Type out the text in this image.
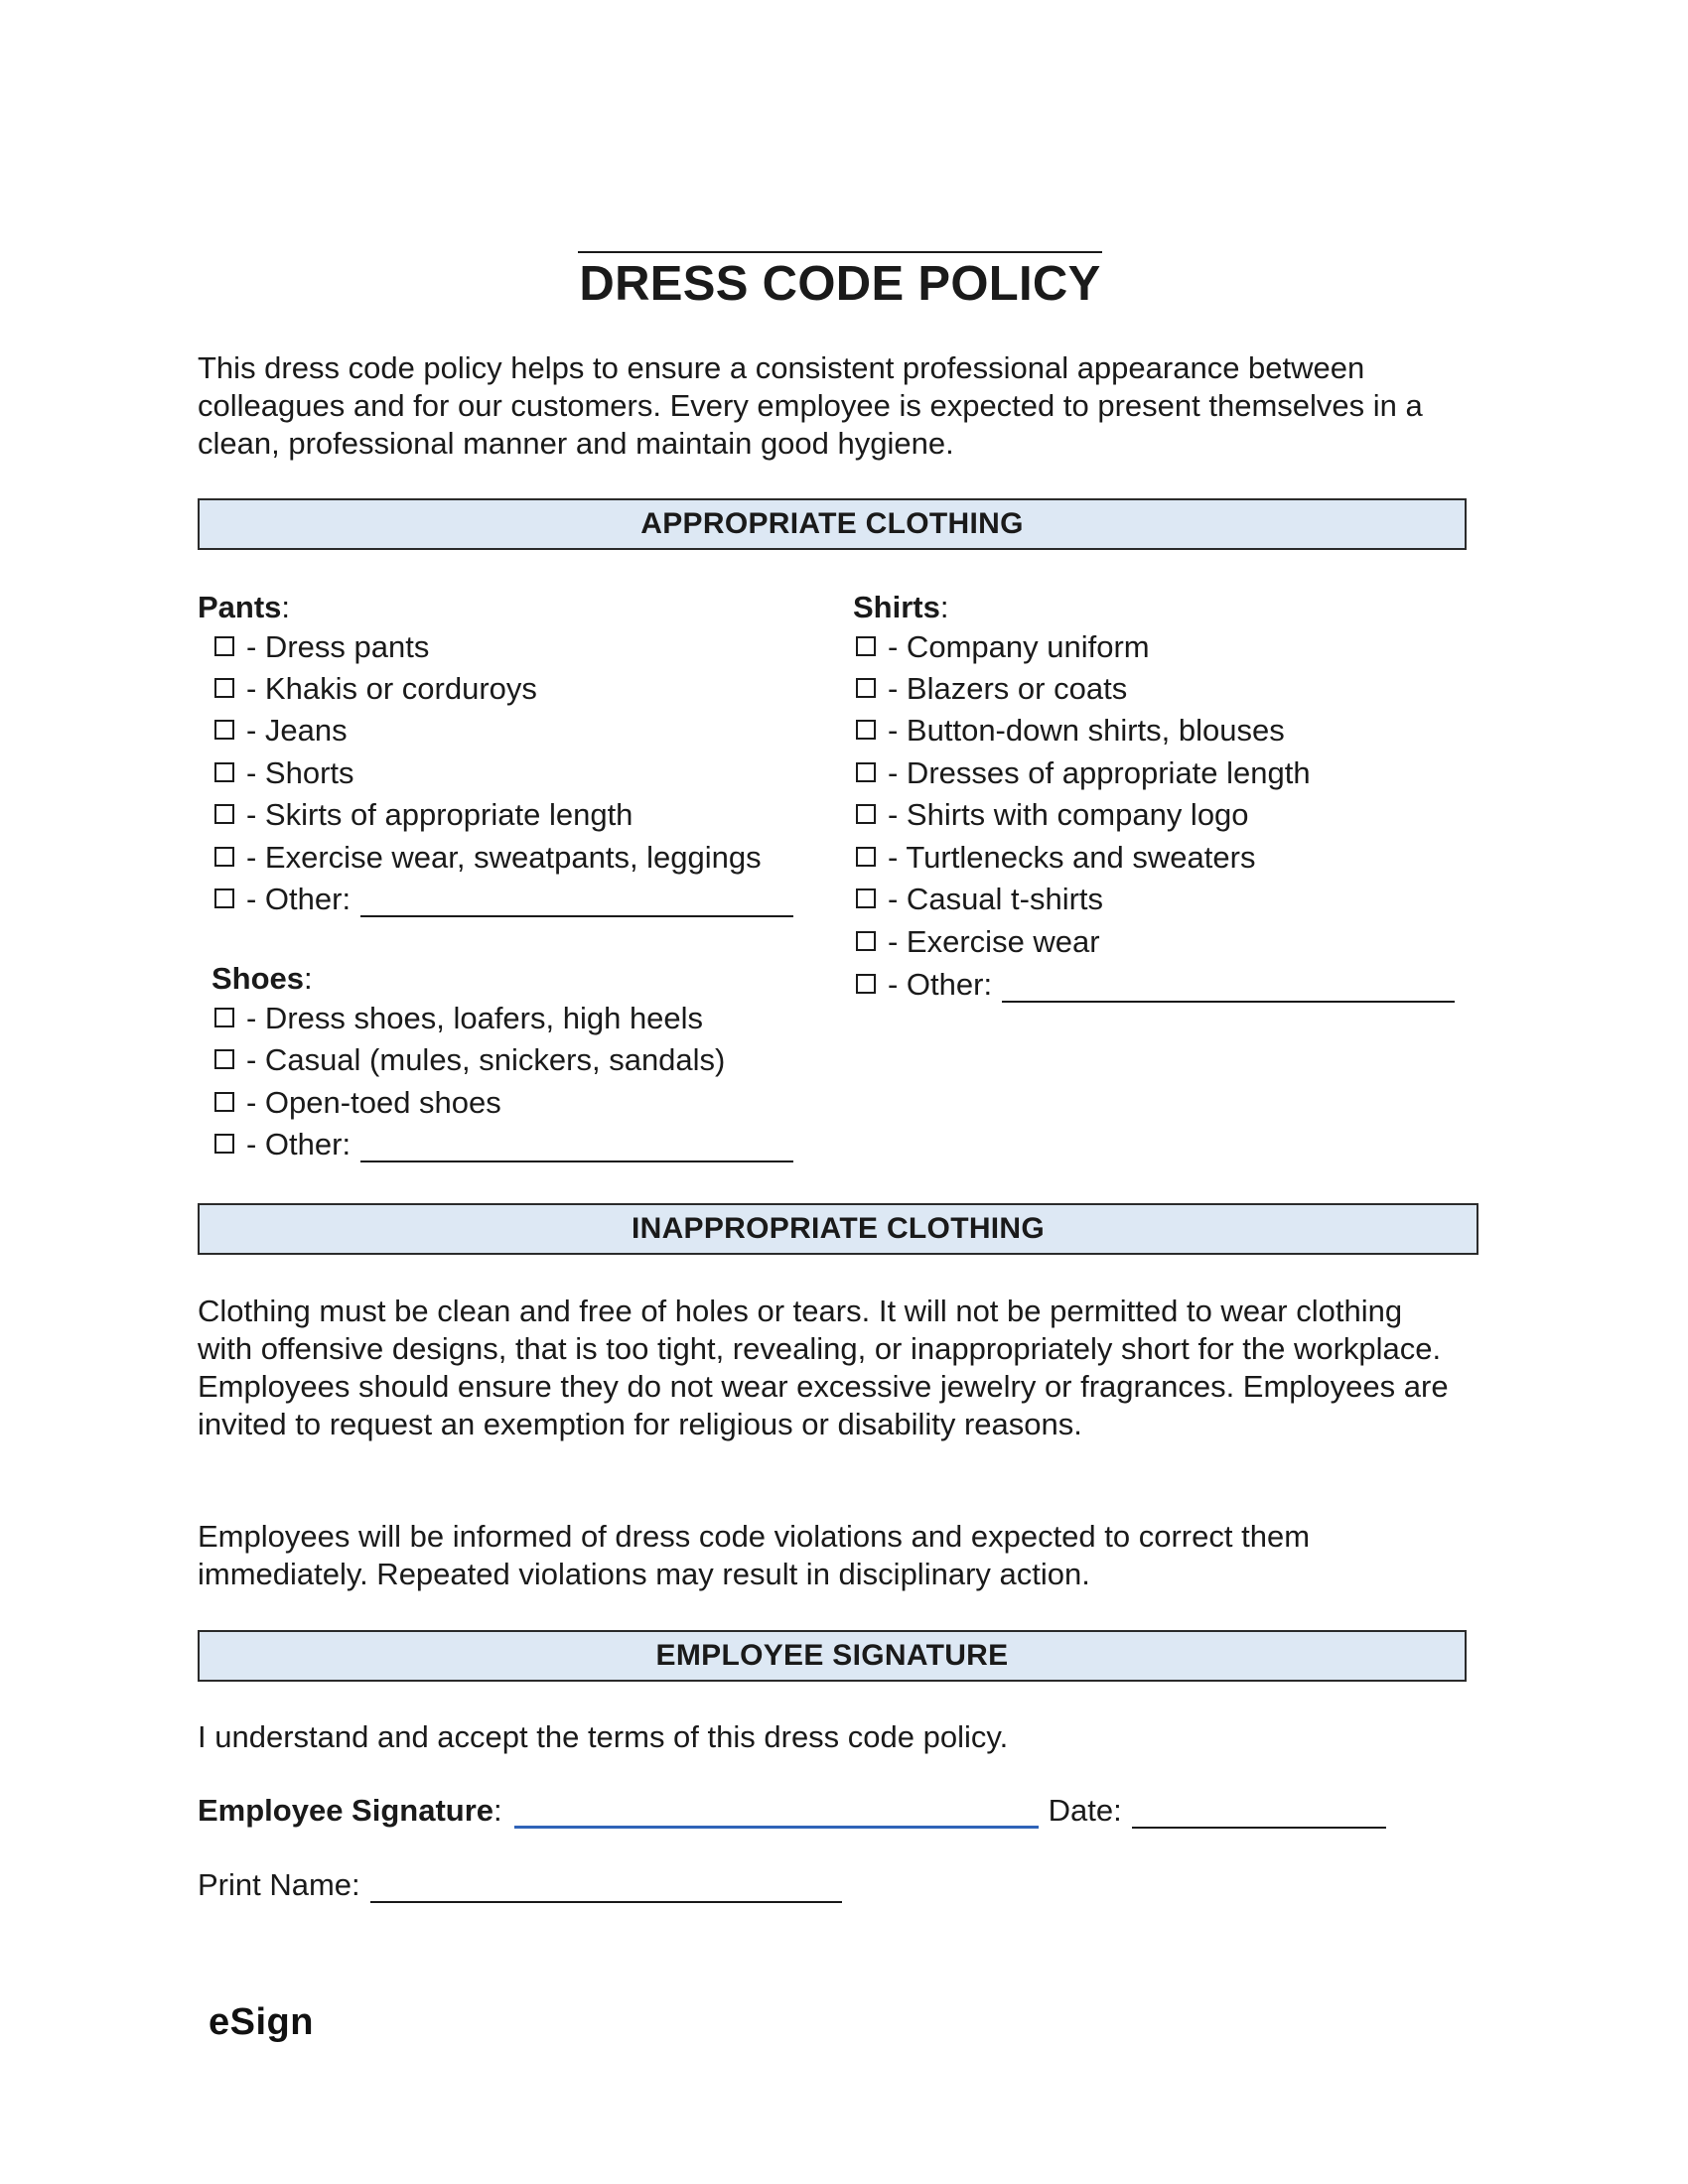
DRESS CODE POLICY

This dress code policy helps to ensure a consistent professional appearance between colleagues and for our customers. Every employee is expected to present themselves in a clean, professional manner and maintain good hygiene.

APPROPRIATE CLOTHING
Pants:
- Dress pants
- Khakis or corduroys
- Jeans
- Shorts
- Skirts of appropriate length
- Exercise wear, sweatpants, leggings
- Other:
Shoes:
- Dress shoes, loafers, high heels
- Casual (mules, snickers, sandals)
- Open-toed shoes
- Other:
Shirts:
- Company uniform
- Blazers or coats
- Button-down shirts, blouses
- Dresses of appropriate length
- Shirts with company logo
- Turtlenecks and sweaters
- Casual t-shirts
- Exercise wear
- Other:
INAPPROPRIATE CLOTHING

Clothing must be clean and free of holes or tears. It will not be permitted to wear clothing with offensive designs, that is too tight, revealing, or inappropriately short for the workplace. Employees should ensure they do not wear excessive jewelry or fragrances. Employees are invited to request an exemption for religious or disability reasons.

Employees will be informed of dress code violations and expected to correct them immediately. Repeated violations may result in disciplinary action.

EMPLOYEE SIGNATURE

I understand and accept the terms of this dress code policy.

Employee Signature :	Date:
Print Name:
eSign
